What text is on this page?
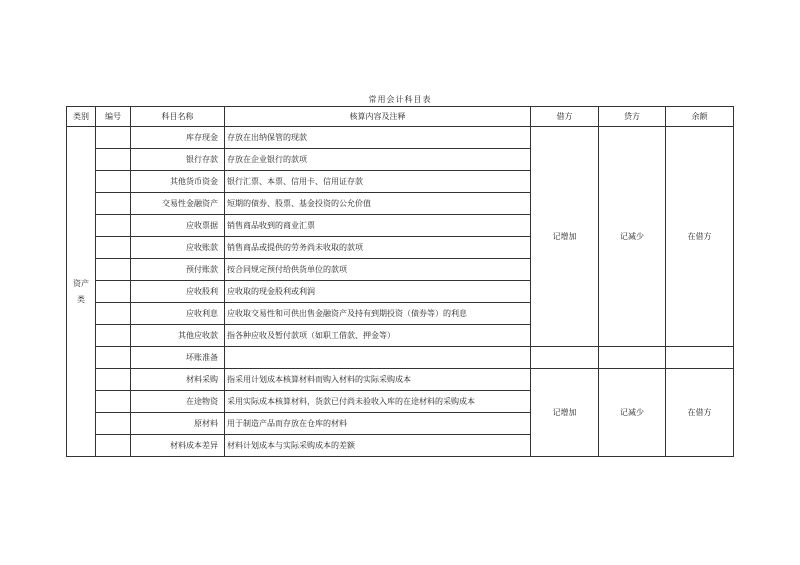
常用会计科目表
类别	编号	科目名称	核算内容及注释	借方	贷方	余额

资产
类		库存现金	存放在出纳保管的现款	记增加	记减少	在借方
		银行存款	存放在企业银行的款项			
		其他货币资金	银行汇票、本票、信用卡、信用证存款			
		交易性金融资产	短期的债券、股票、基金投资的公允价值			
		应收票据	销售商品收到的商业汇票			
		应收账款	销售商品或提供的劳务尚未收取的款项			
		预付账款	按合同规定预付给供货单位的款项			
		应收股利	应收取的现金股利或利润			
		应收利息	应收取交易性和可供出售金融资产及持有到期投资（债券等）的利息			
		其他应收款	指各种应收及暂付款项（如职工借款、押金等）			
		坏账准备				
		材料采购	指采用计划成本核算材料而购入材料的实际采购成本	记增加	记减少	在借方
		在途物资	采用实际成本核算材料，货款已付尚未验收入库的在途材料的采购成本			
		原材料	用于制造产品而存放在仓库的材料			
		材料成本差异	材料计划成本与实际采购成本的差额			
